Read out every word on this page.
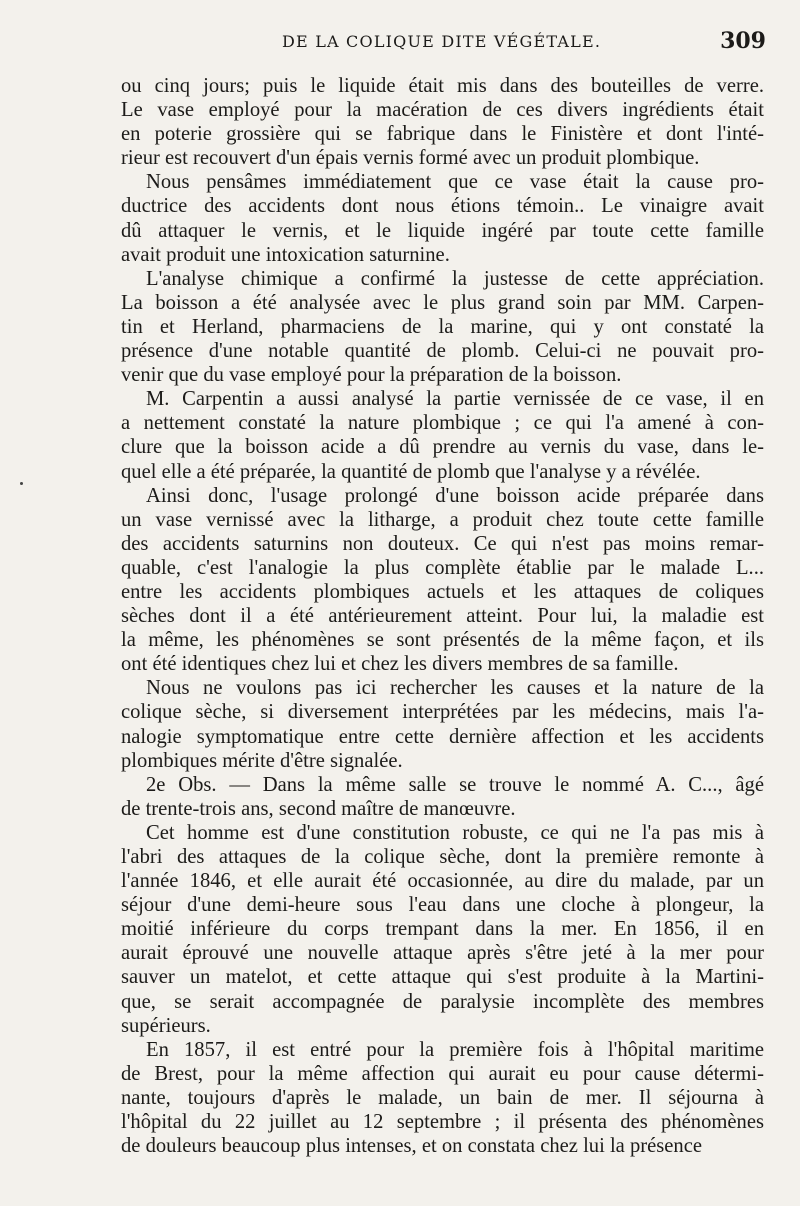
DE LA COLIQUE DITE VÉGÉTALE.	309
ou cinq jours; puis le liquide était mis dans des bouteilles de verre.
Le vase employé pour la macération de ces divers ingrédients était
en poterie grossière qui se fabrique dans le Finistère et dont l'inté-
rieur est recouvert d'un épais vernis formé avec un produit plombique.
Nous pensâmes immédiatement que ce vase était la cause pro-
ductrice des accidents dont nous étions témoin.. Le vinaigre avait
dû attaquer le vernis, et le liquide ingéré par toute cette famille
avait produit une intoxication saturnine.
L'analyse chimique a confirmé la justesse de cette appréciation.
La boisson a été analysée avec le plus grand soin par MM. Carpen-
tin et Herland, pharmaciens de la marine, qui y ont constaté la
présence d'une notable quantité de plomb. Celui-ci ne pouvait pro-
venir que du vase employé pour la préparation de la boisson.
M. Carpentin a aussi analysé la partie vernissée de ce vase, il en
a nettement constaté la nature plombique ; ce qui l'a amené à con-
clure que la boisson acide a dû prendre au vernis du vase, dans le-
quel elle a été préparée, la quantité de plomb que l'analyse y a révélée.
Ainsi donc, l'usage prolongé d'une boisson acide préparée dans
un vase vernissé avec la litharge, a produit chez toute cette famille
des accidents saturnins non douteux. Ce qui n'est pas moins remar-
quable, c'est l'analogie la plus complète établie par le malade L...
entre les accidents plombiques actuels et les attaques de coliques
sèches dont il a été antérieurement atteint. Pour lui, la maladie est
la même, les phénomènes se sont présentés de la même façon, et ils
ont été identiques chez lui et chez les divers membres de sa famille.
Nous ne voulons pas ici rechercher les causes et la nature de la
colique sèche, si diversement interprétées par les médecins, mais l'a-
nalogie symptomatique entre cette dernière affection et les accidents
plombiques mérite d'être signalée.
2e Obs. — Dans la même salle se trouve le nommé A. C..., âgé
de trente-trois ans, second maître de manœuvre.
Cet homme est d'une constitution robuste, ce qui ne l'a pas mis à
l'abri des attaques de la colique sèche, dont la première remonte à
l'année 1846, et elle aurait été occasionnée, au dire du malade, par un
séjour d'une demi-heure sous l'eau dans une cloche à plongeur, la
moitié inférieure du corps trempant dans la mer. En 1856, il en
aurait éprouvé une nouvelle attaque après s'être jeté à la mer pour
sauver un matelot, et cette attaque qui s'est produite à la Martini-
que, se serait accompagnée de paralysie incomplète des membres
supérieurs.
En 1857, il est entré pour la première fois à l'hôpital maritime
de Brest, pour la même affection qui aurait eu pour cause détermi-
nante, toujours d'après le malade, un bain de mer. Il séjourna à
l'hôpital du 22 juillet au 12 septembre ; il présenta des phénomènes
de douleurs beaucoup plus intenses, et on constata chez lui la présence
